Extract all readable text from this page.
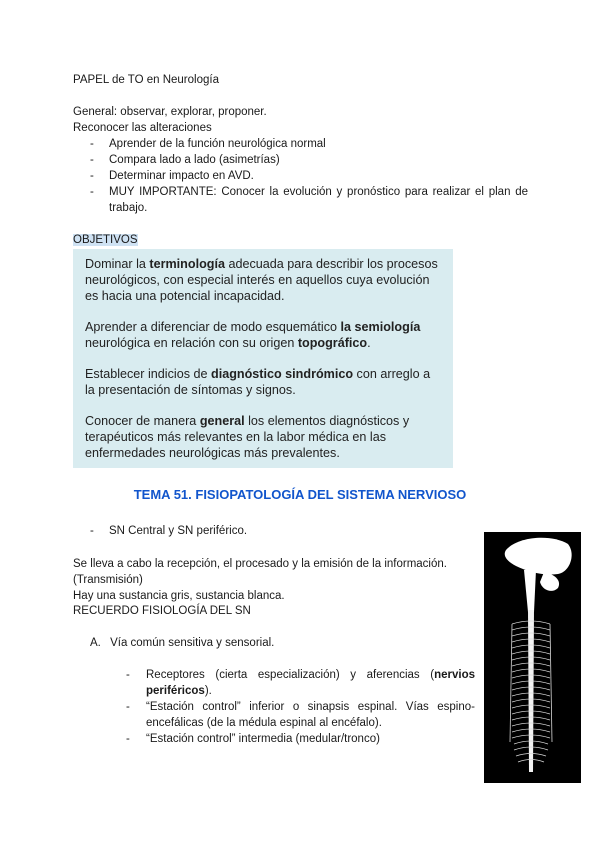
PAPEL de TO en Neurología
General: observar, explorar, proponer.
Reconocer las alteraciones
- Aprender de la función neurológica normal
- Compara lado a lado (asimetrías)
- Determinar impacto en AVD.
- MUY IMPORTANTE: Conocer la evolución y pronóstico para realizar el plan de trabajo.
OBJETIVOS

Dominar la terminología adecuada para describir los procesos neurológicos, con especial interés en aquellos cuya evolución es hacia una potencial incapacidad.

Aprender a diferenciar de modo esquemático la semiología neurológica en relación con su origen topográfico.

Establecer indicios de diagnóstico sindrómico con arreglo a la presentación de síntomas y signos.

Conocer de manera general los elementos diagnósticos y terapéuticos más relevantes en la labor médica en las enfermedades neurológicas más prevalentes.

TEMA 51. FISIOPATOLOGÍA DEL SISTEMA NERVIOSO
- SN Central y SN periférico.
Se lleva a cabo la recepción, el procesado y la emisión de la información.
(Transmisión)
Hay una sustancia gris, sustancia blanca.
RECUERDO FISIOLOGÍA DEL SN
A. Vía común sensitiva y sensorial.
- Receptores (cierta especialización) y aferencias (nervios periféricos).
- “Estación control” inferior o sinapsis espinal. Vías espino-encefálicas (de la médula espinal al encéfalo).
- “Estación control” intermedia (medular/tronco)
